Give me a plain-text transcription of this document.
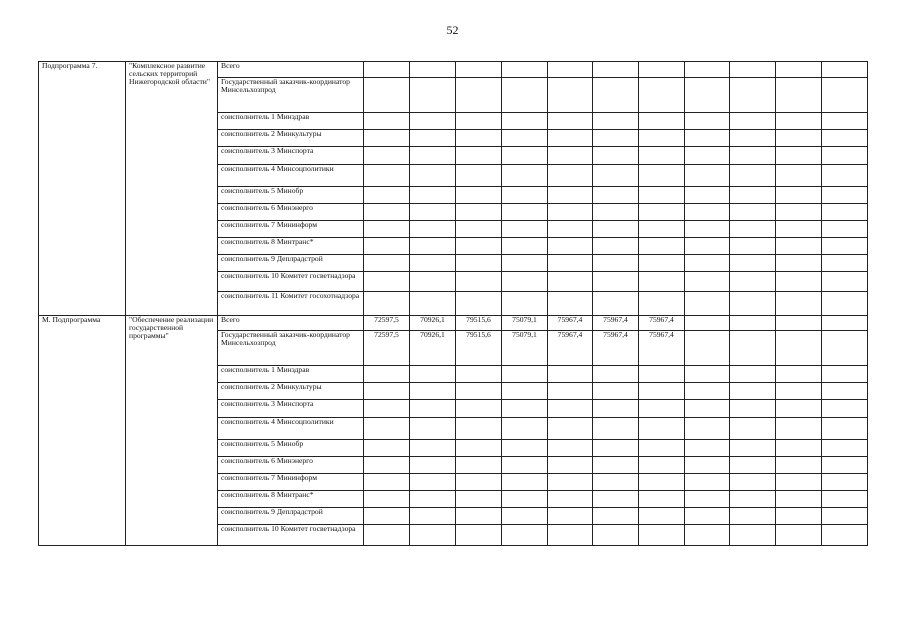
52
Подпрограмма 7.	"Комплексное развитие сельских территорий Нижегородской области"	Всего												
		Государственный заказчик-координатор Минсельхозпрод												
		соисполнитель 1 Минздрав												
		соисполнитель 2 Минкультуры												
		соисполнитель 3 Минспорта												
		соисполнитель 4 Минсоцполитики												
		соисполнитель 5 Минобр												
		соисполнитель 6 Минэнерго												
		соисполнитель 7 Мининформ												
		соисполнитель 8 Минтранс*												
		соисполнитель 9 Деплрадстрой												
		соисполнитель 10 Комитет госветнадзора												
		соисполнитель 11 Комитет госохотнадзора												
М. Подпрограмма	"Обеспечение реализации государственной программы"	Всего	72597,5	70926,1	79515,6	75079,1	75967,4	75967,4	75967,4					
		Государственный заказчик-координатор Минсельхозпрод	72597,5	70926,1	79515,6	75079,1	75967,4	75967,4	75967,4					
		соисполнитель 1 Минздрав												
		соисполнитель 2 Минкультуры												
		соисполнитель 3 Минспорта												
		соисполнитель 4 Минсоцполитики												
		соисполнитель 5 Минобр												
		соисполнитель 6 Минэнерго												
		соисполнитель 7 Мининформ												
		соисполнитель 8 Минтранс*												
		соисполнитель 9 Деплрадстрой												
		соисполнитель 10 Комитет госветнадзора												
